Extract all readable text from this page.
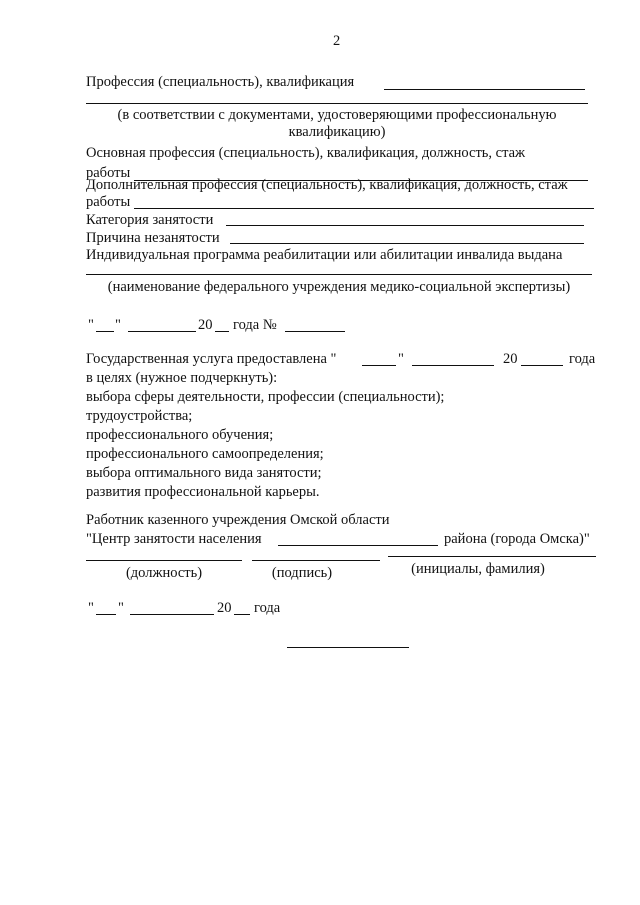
2
Профессия (специальность), квалификация
(в соответствии с документами, удостоверяющими профессиональную
квалификацию)
Основная профессия (специальность), квалификация, должность, стаж
работы
Дополнительная профессия (специальность), квалификация, должность, стаж
работы
Категория занятости
Причина незанятости
Индивидуальная программа реабилитации или абилитации инвалида выдана
(наименование федерального учреждения медико-социальной экспертизы)
" "	20 года №
Государственная услуга предоставлена "	"	20	года
в целях (нужное подчеркнуть):
выбора сферы деятельности, профессии (специальности);
трудоустройства;
профессионального обучения;
профессионального самоопределения;
выбора оптимального вида занятости;
развития профессиональной карьеры.
Работник казенного учреждения Омской области
"Центр занятости населения	района (города Омска)"
(должность)	(подпись)	(инициалы, фамилия)
" "	20 года
